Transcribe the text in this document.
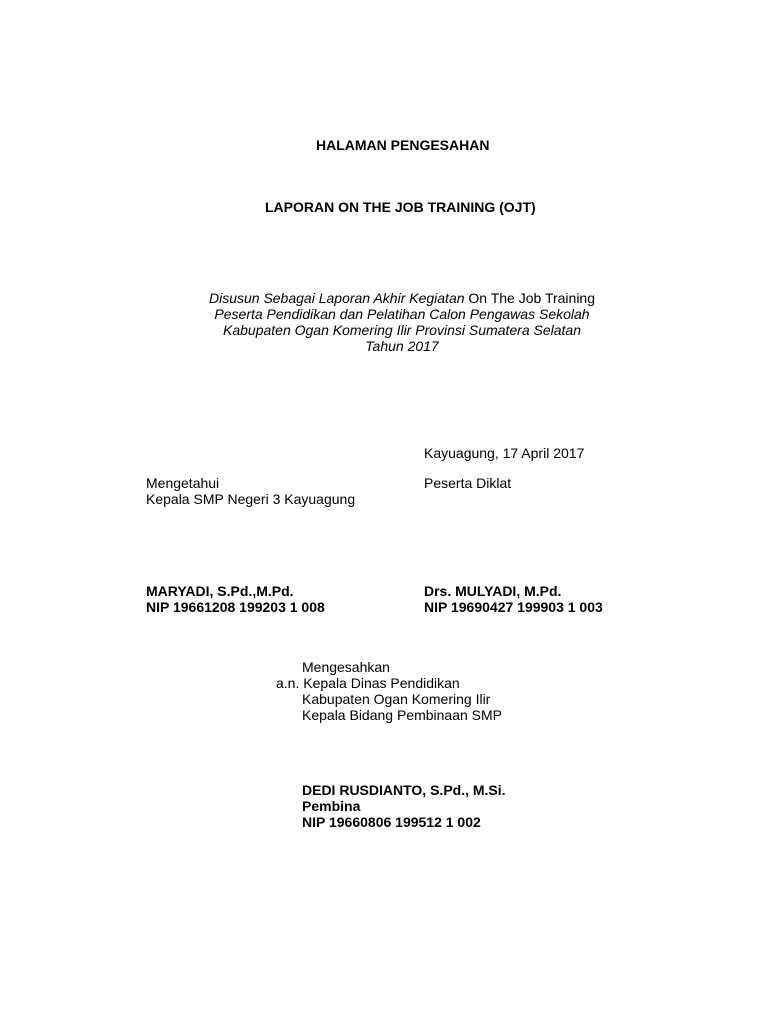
HALAMAN PENGESAHAN
LAPORAN ON THE JOB TRAINING (OJT)
Disusun Sebagai Laporan Akhir Kegiatan On The Job Training
Peserta Pendidikan dan Pelatihan Calon Pengawas Sekolah
Kabupaten Ogan Komering Ilir Provinsi Sumatera Selatan
Tahun 2017
Kayuagung, 17 April 2017
Mengetahui
Kepala SMP Negeri 3 Kayuagung
MARYADI, S.Pd.,M.Pd.
NIP 19661208 199203 1 008
Peserta Diklat
Drs. MULYADI, M.Pd.
NIP 19690427 199903 1 003
Mengesahkan
a.n. Kepala Dinas Pendidikan
Kabupaten Ogan Komering Ilir
Kepala Bidang Pembinaan SMP
DEDI RUSDIANTO, S.Pd., M.Si.
Pembina
NIP 19660806 199512 1 002
